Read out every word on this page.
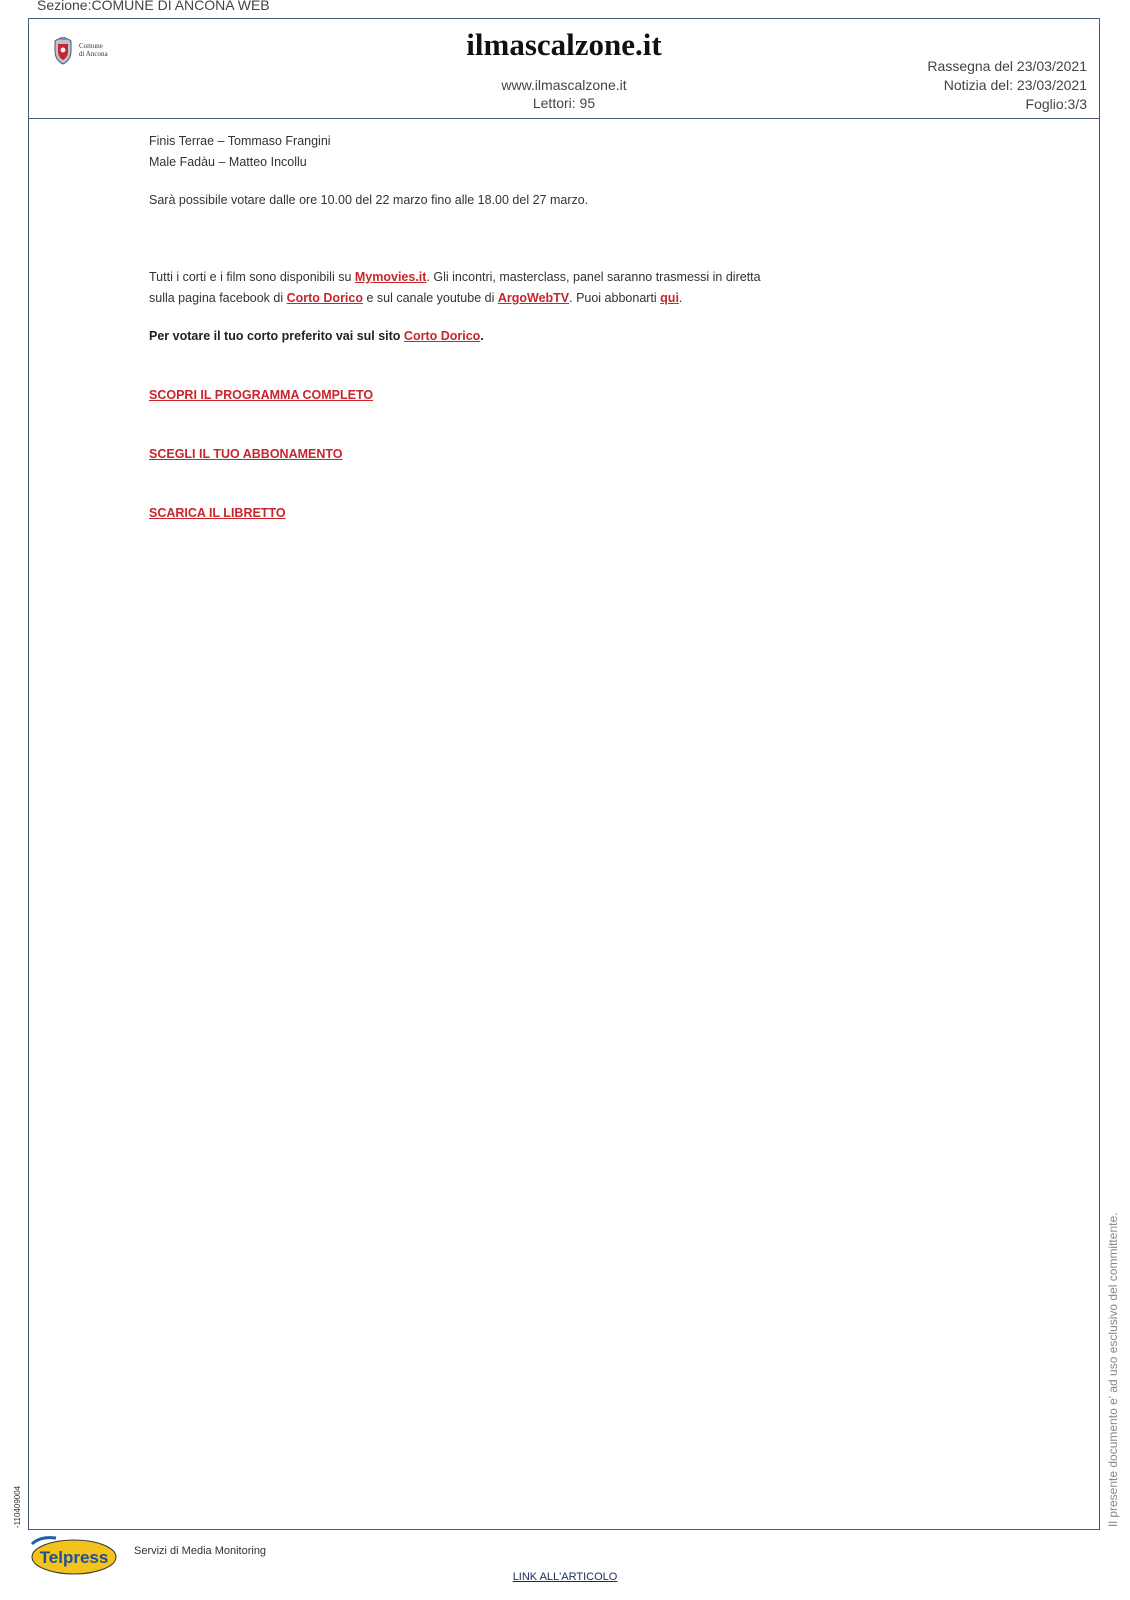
Sezione:COMUNE DI ANCONA WEB
Comune
di Ancona	ilmascalzone.it
www.ilmascalzone.it
Lettori: 95
Rassegna del 23/03/2021
Notizia del: 23/03/2021
Foglio:3/3

Finis Terrae – Tommaso Frangini

Male Fadàu – Matteo Incollu

Sarà possibile votare dalle ore 10.00 del 22 marzo fino alle 18.00 del 27 marzo.

Tutti i corti e i film sono disponibili su Mymovies.it. Gli incontri, masterclass, panel saranno trasmessi in diretta sulla pagina facebook di Corto Dorico e sul canale youtube di ArgoWebTV. Puoi abbonarti qui.

Per votare il tuo corto preferito vai sul sito Corto Dorico.

SCOPRI IL PROGRAMMA COMPLETO

SCEGLI IL TUO ABBONAMENTO

SCARICA IL LIBRETTO

Il presente documento e' ad uso esclusivo del committente.
-110409004
Telpress Servizi di Media Monitoring
LINK ALL'ARTICOLO
